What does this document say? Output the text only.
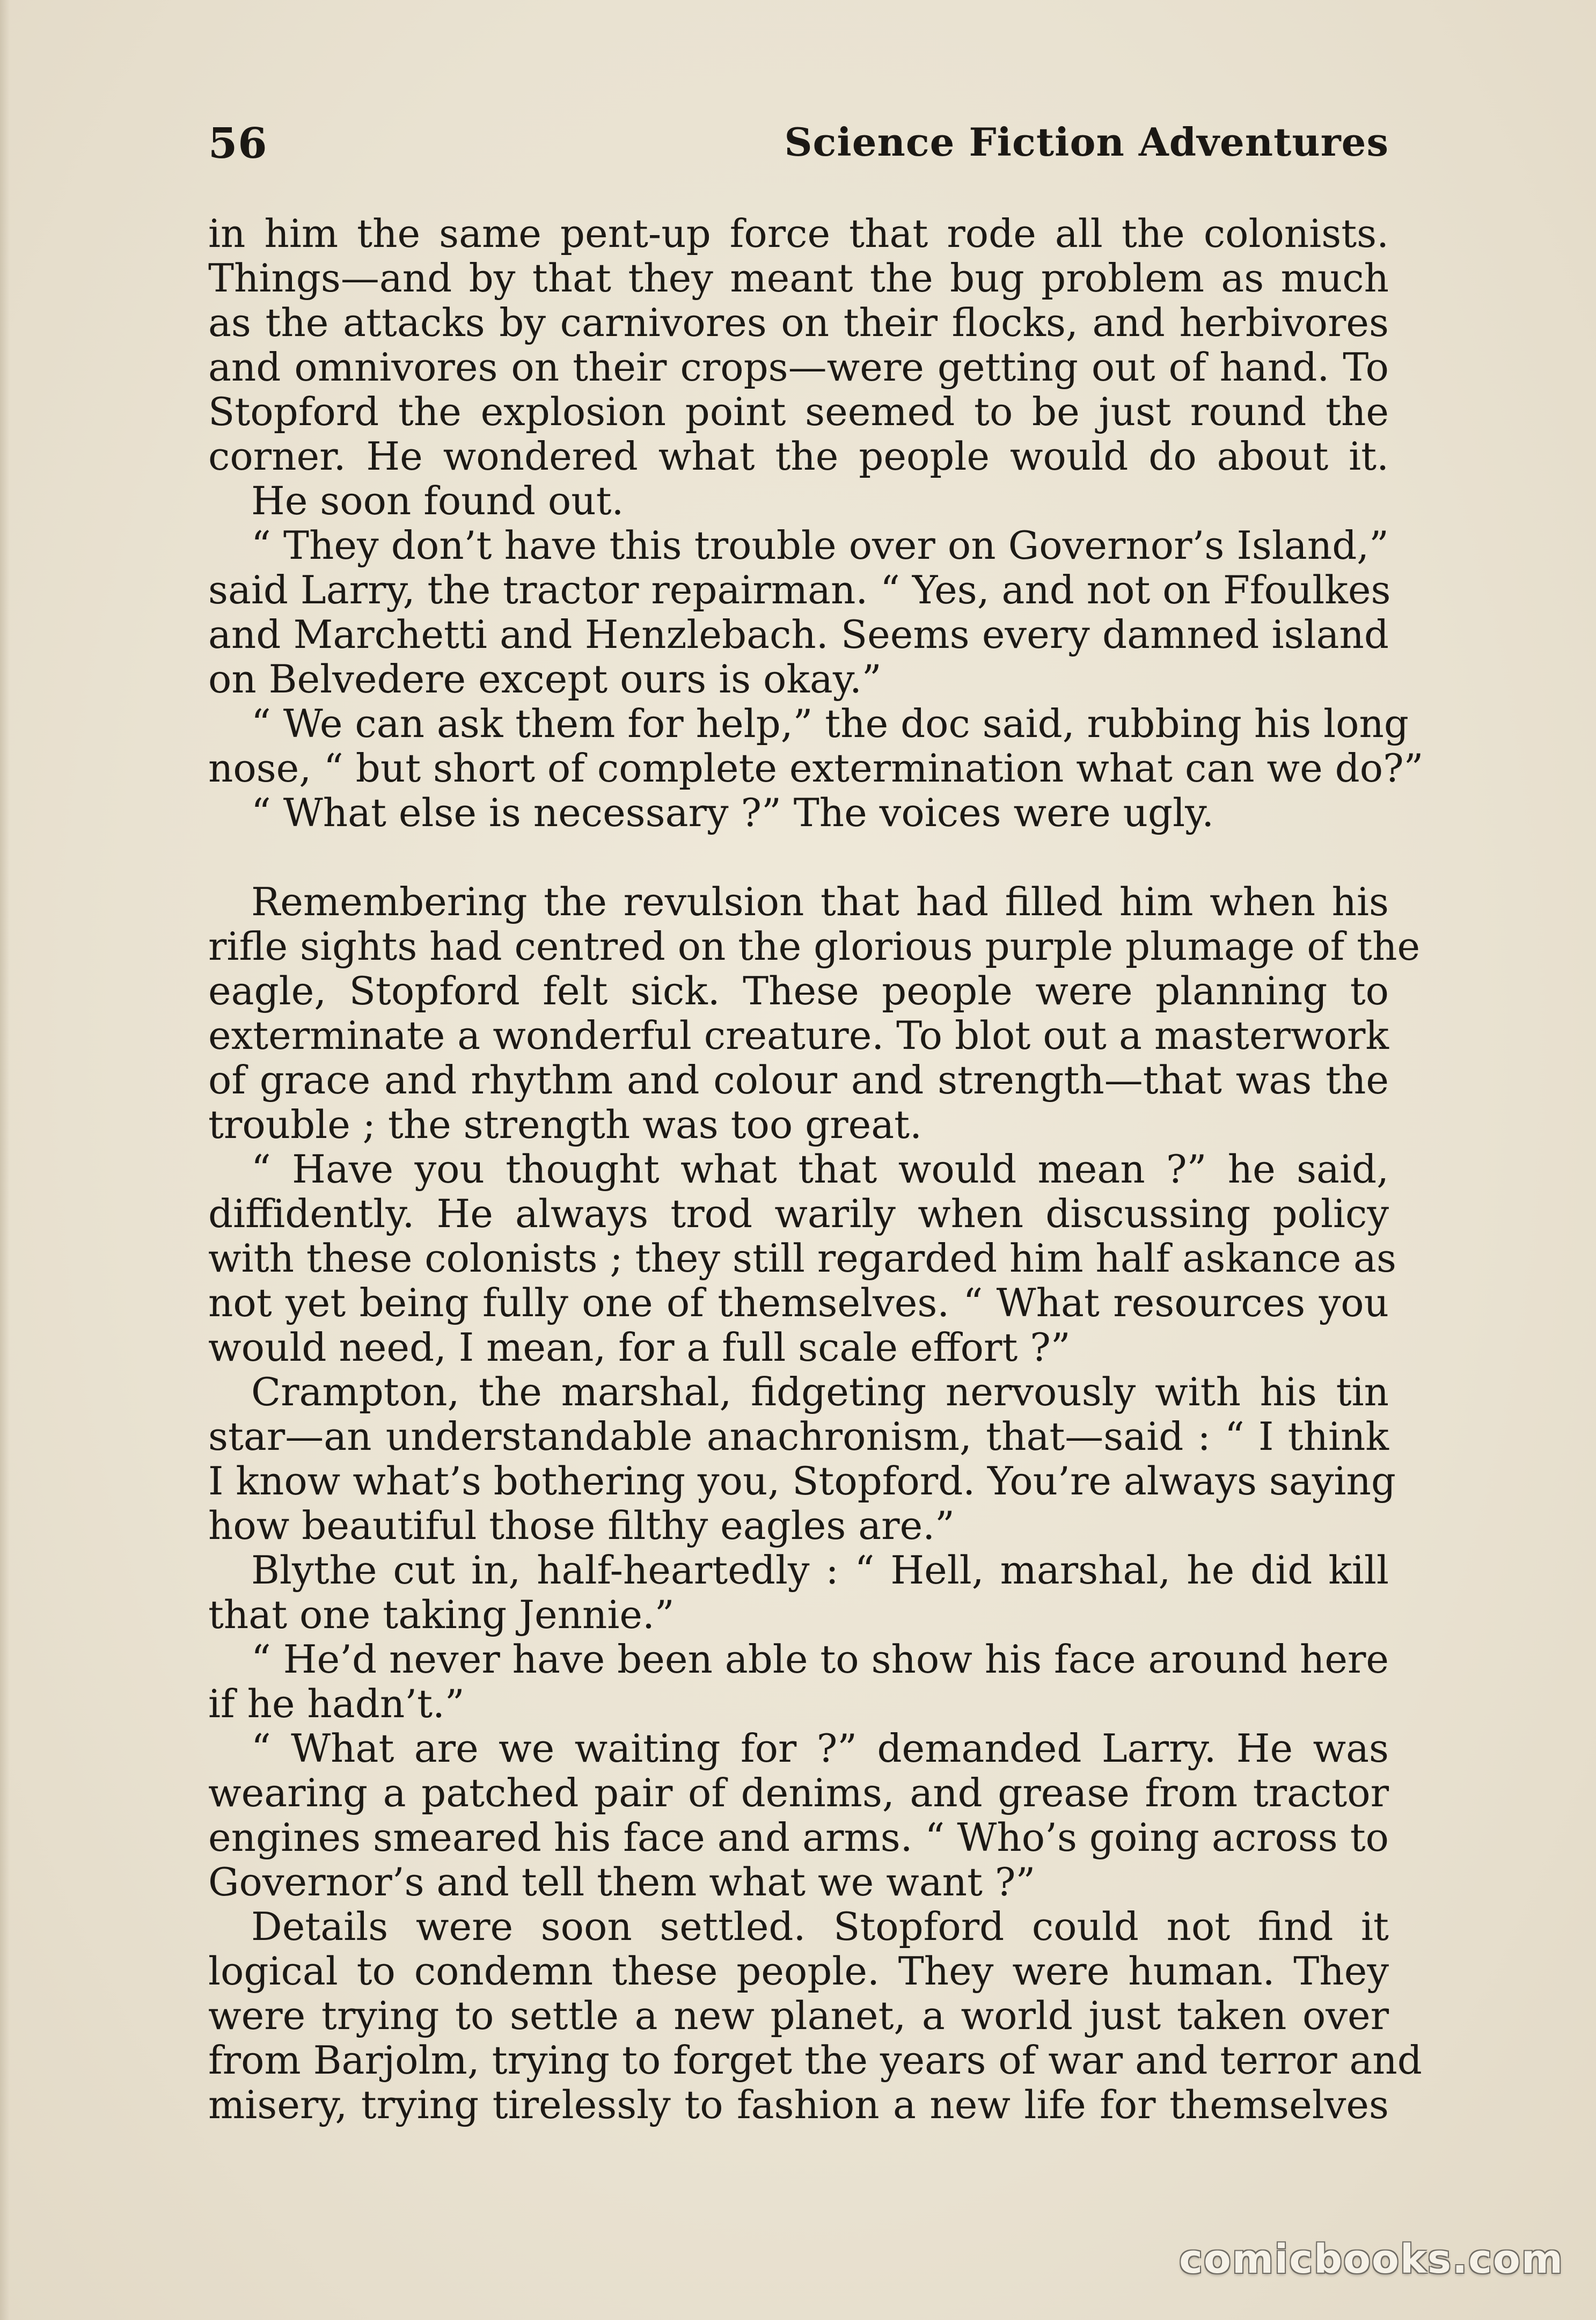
56	Science Fiction Adventures
in him the same pent-up force that rode all the colonists.
Things—and by that they meant the bug problem as much
as the attacks by carnivores on their flocks, and herbivores
and omnivores on their crops—were getting out of hand. To
Stopford the explosion point seemed to be just round the
corner. He wondered what the people would do about it.
He soon found out.
“ They don’t have this trouble over on Governor’s Island,”
said Larry, the tractor repairman. “ Yes, and not on Ffoulkes
and Marchetti and Henzlebach. Seems every damned island
on Belvedere except ours is okay.”
“ We can ask them for help,” the doc said, rubbing his long
nose, “ but short of complete extermination what can we do?”
“ What else is necessary ?” The voices were ugly.
Remembering the revulsion that had filled him when his
rifle sights had centred on the glorious purple plumage of the
eagle, Stopford felt sick. These people were planning to
exterminate a wonderful creature. To blot out a masterwork
of grace and rhythm and colour and strength—that was the
trouble ; the strength was too great.
“ Have you thought what that would mean ?” he said,
diffidently. He always trod warily when discussing policy
with these colonists ; they still regarded him half askance as
not yet being fully one of themselves. “ What resources you
would need, I mean, for a full scale effort ?”
Crampton, the marshal, fidgeting nervously with his tin
star—an understandable anachronism, that—said : “ I think
I know what’s bothering you, Stopford. You’re always saying
how beautiful those filthy eagles are.”
Blythe cut in, half-heartedly : “ Hell, marshal, he did kill
that one taking Jennie.”
“ He’d never have been able to show his face around here
if he hadn’t.”
“ What are we waiting for ?” demanded Larry. He was
wearing a patched pair of denims, and grease from tractor
engines smeared his face and arms. “ Who’s going across to
Governor’s and tell them what we want ?”
Details were soon settled. Stopford could not find it
logical to condemn these people. They were human. They
were trying to settle a new planet, a world just taken over
from Barjolm, trying to forget the years of war and terror and
misery, trying tirelessly to fashion a new life for themselves
comicbooks.com
